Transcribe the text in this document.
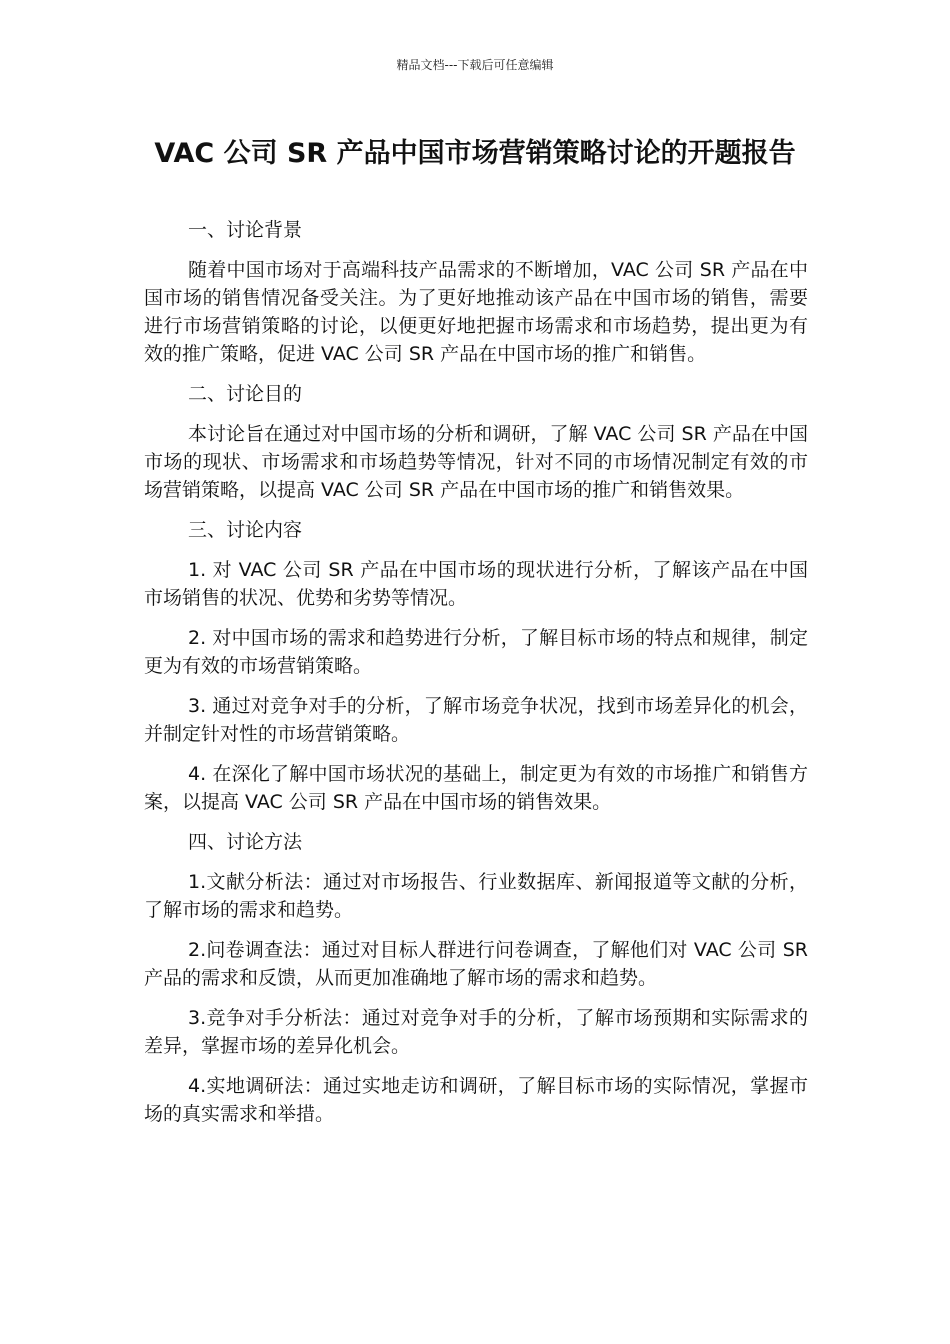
精品文档---下载后可任意编辑
VAC 公司 SR 产品中国市场营销策略讨论的开题报告

一、讨论背景

随着中国市场对于高端科技产品需求的不断增加，VAC 公司 SR 产品在中国市场的销售情况备受关注。为了更好地推动该产品在中国市场的销售，需要进行市场营销策略的讨论，以便更好地把握市场需求和市场趋势，提出更为有效的推广策略，促进 VAC 公司 SR 产品在中国市场的推广和销售。

二、讨论目的

本讨论旨在通过对中国市场的分析和调研，了解 VAC 公司 SR 产品在中国市场的现状、市场需求和市场趋势等情况，针对不同的市场情况制定有效的市场营销策略，以提高 VAC 公司 SR 产品在中国市场的推广和销售效果。

三、讨论内容

1. 对 VAC 公司 SR 产品在中国市场的现状进行分析，了解该产品在中国市场销售的状况、优势和劣势等情况。

2. 对中国市场的需求和趋势进行分析，了解目标市场的特点和规律，制定更为有效的市场营销策略。

3. 通过对竞争对手的分析，了解市场竞争状况，找到市场差异化的机会，并制定针对性的市场营销策略。

4. 在深化了解中国市场状况的基础上，制定更为有效的市场推广和销售方案，以提高 VAC 公司 SR 产品在中国市场的销售效果。

四、讨论方法

1.文献分析法：通过对市场报告、行业数据库、新闻报道等文献的分析，了解市场的需求和趋势。

2.问卷调查法：通过对目标人群进行问卷调查，了解他们对 VAC 公司 SR 产品的需求和反馈，从而更加准确地了解市场的需求和趋势。

3.竞争对手分析法：通过对竞争对手的分析，了解市场预期和实际需求的差异，掌握市场的差异化机会。

4.实地调研法：通过实地走访和调研，了解目标市场的实际情况，掌握市场的真实需求和举措。
